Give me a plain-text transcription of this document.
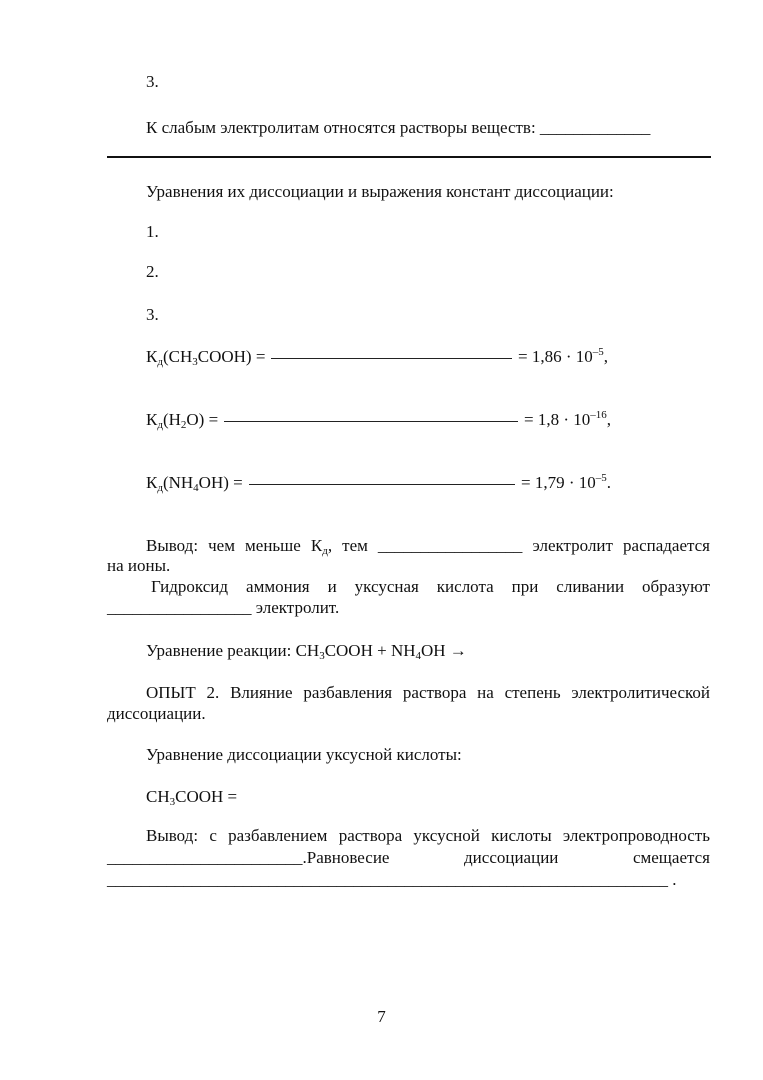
3.
К слабым электролитам относятся растворы веществ: _____________
Уравнения их диссоциации и выражения констант диссоциации:
1.
2.
3.
$К_д(CH_3COOH)$ =	= $1,86 \cdot 10^{-5}$,
$К_д(H_2O)$ =	= $1,8 \cdot 10^{-16}$,
$К_д(NH_4OH)$ =	= $1,79 \cdot 10^{-5}$.
Вывод: чем меньше $К_д$, тем _________________ электролит распадается
на ионы.
Гидроксид аммония и уксусная кислота при сливании образуют
_________________ электролит.
Уравнение реакции: $CH_3COOH + NH_4OH$ →
ОПЫТ 2. Влияние разбавления раствора на степень электролитической
диссоциации.
Уравнение диссоциации уксусной кислоты:
$CH_3COOH$ =
Вывод: с разбавлением раствора уксусной кислоты электропроводность
_______________________.Равновесие диссоциации смещается
__________________________________________________________________ .
7
